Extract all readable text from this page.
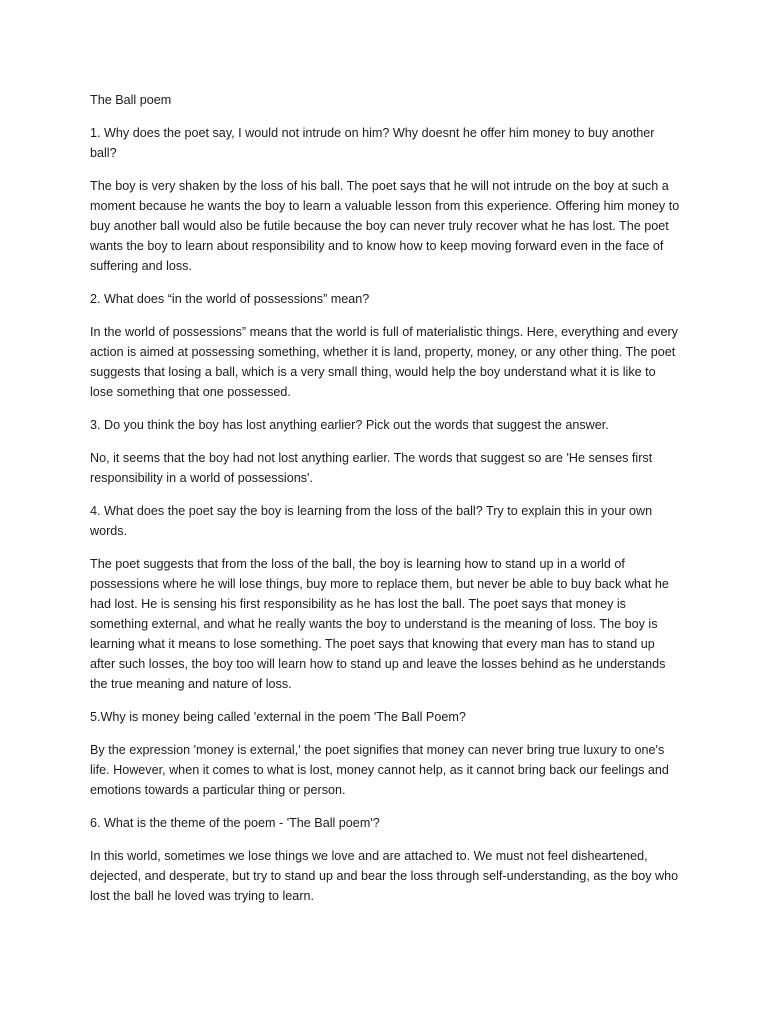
The Ball poem

1. Why does the poet say, I would not intrude on him? Why doesnt he offer him money to buy another ball?

The boy is very shaken by the loss of his ball. The poet says that he will not intrude on the boy at such a moment because he wants the boy to learn a valuable lesson from this experience. Offering him money to buy another ball would also be futile because the boy can never truly recover what he has lost. The poet wants the boy to learn about responsibility and to know how to keep moving forward even in the face of suffering and loss.

2. What does “in the world of possessions” mean?

In the world of possessions” means that the world is full of materialistic things. Here, everything and every action is aimed at possessing something, whether it is land, property, money, or any other thing. The poet suggests that losing a ball, which is a very small thing, would help the boy understand what it is like to lose something that one possessed.

3. Do you think the boy has lost anything earlier? Pick out the words that suggest the answer.

No, it seems that the boy had not lost anything earlier. The words that suggest so are 'He senses first responsibility in a world of possessions'.

4. What does the poet say the boy is learning from the loss of the ball? Try to explain this in your own words.

The poet suggests that from the loss of the ball, the boy is learning how to stand up in a world of possessions where he will lose things, buy more to replace them, but never be able to buy back what he had lost. He is sensing his first responsibility as he has lost the ball. The poet says that money is something external, and what he really wants the boy to understand is the meaning of loss. The boy is learning what it means to lose something. The poet says that knowing that every man has to stand up after such losses, the boy too will learn how to stand up and leave the losses behind as he understands the true meaning and nature of loss.

5.Why is money being called 'external in the poem 'The Ball Poem?

By the expression 'money is external,' the poet signifies that money can never bring true luxury to one's life. However, when it comes to what is lost, money cannot help, as it cannot bring back our feelings and emotions towards a particular thing or person.

6. What is the theme of the poem - 'The Ball poem'?

In this world, sometimes we lose things we love and are attached to. We must not feel disheartened, dejected, and desperate, but try to stand up and bear the loss through self-understanding, as the boy who lost the ball he loved was trying to learn.
